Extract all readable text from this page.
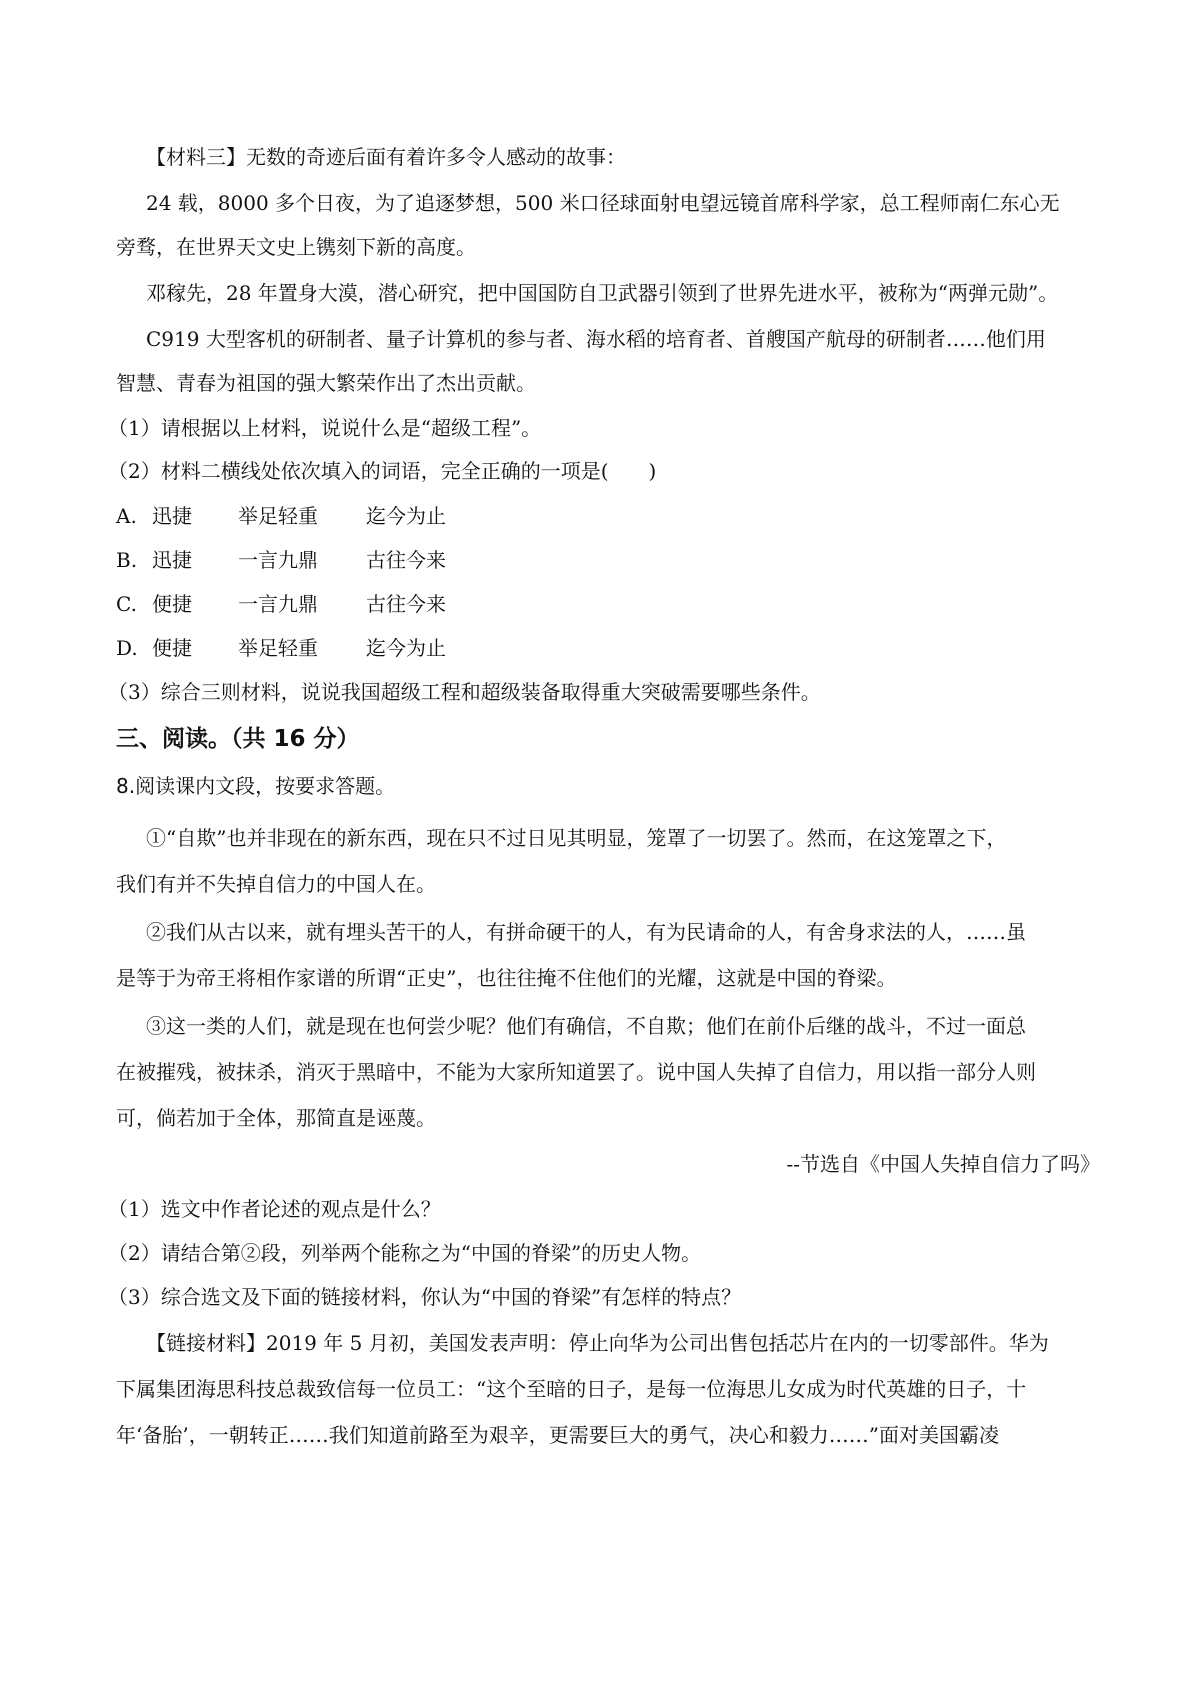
【材料三】无数的奇迹后面有着许多令人感动的故事：
24 载，8000 多个日夜，为了追逐梦想，500 米口径球面射电望远镜首席科学家，总工程师南仁东心无
旁骛，在世界天文史上镌刻下新的高度。
邓稼先，28 年置身大漠，潜心研究，把中国国防自卫武器引领到了世界先进水平，被称为“两弹元勋”。
C919 大型客机的研制者、量子计算机的参与者、海水稻的培育者、首艘国产航母的研制者……他们用
智慧、青春为祖国的强大繁荣作出了杰出贡献。
（1）请根据以上材料，说说什么是“超级工程”。
（2）材料二横线处依次填入的词语，完全正确的一项是(　　)
A. 迅捷 举足轻重 迄今为止
B. 迅捷 一言九鼎 古往今来
C. 便捷 一言九鼎 古往今来
D. 便捷 举足轻重 迄今为止
（3）综合三则材料，说说我国超级工程和超级装备取得重大突破需要哪些条件。
三、阅读。（共 16 分）
8.阅读课内文段，按要求答题。
①“自欺”也并非现在的新东西，现在只不过日见其明显，笼罩了一切罢了。然而，在这笼罩之下，
我们有并不失掉自信力的中国人在。
②我们从古以来，就有埋头苦干的人，有拼命硬干的人，有为民请命的人，有舍身求法的人，……虽
是等于为帝王将相作家谱的所谓“正史”，也往往掩不住他们的光耀，这就是中国的脊梁。
③这一类的人们，就是现在也何尝少呢？他们有确信，不自欺；他们在前仆后继的战斗，不过一面总
在被摧残，被抹杀，消灭于黑暗中，不能为大家所知道罢了。说中国人失掉了自信力，用以指一部分人则
可，倘若加于全体，那简直是诬蔑。
--节选自《中国人失掉自信力了吗》
（1）选文中作者论述的观点是什么？
（2）请结合第②段，列举两个能称之为“中国的脊梁”的历史人物。
（3）综合选文及下面的链接材料，你认为“中国的脊梁”有怎样的特点？
【链接材料】2019 年 5 月初，美国发表声明：停止向华为公司出售包括芯片在内的一切零部件。华为
下属集团海思科技总裁致信每一位员工：“这个至暗的日子，是每一位海思儿女成为时代英雄的日子，十
年‘备胎’，一朝转正……我们知道前路至为艰辛，更需要巨大的勇气，决心和毅力……”面对美国霸凌
